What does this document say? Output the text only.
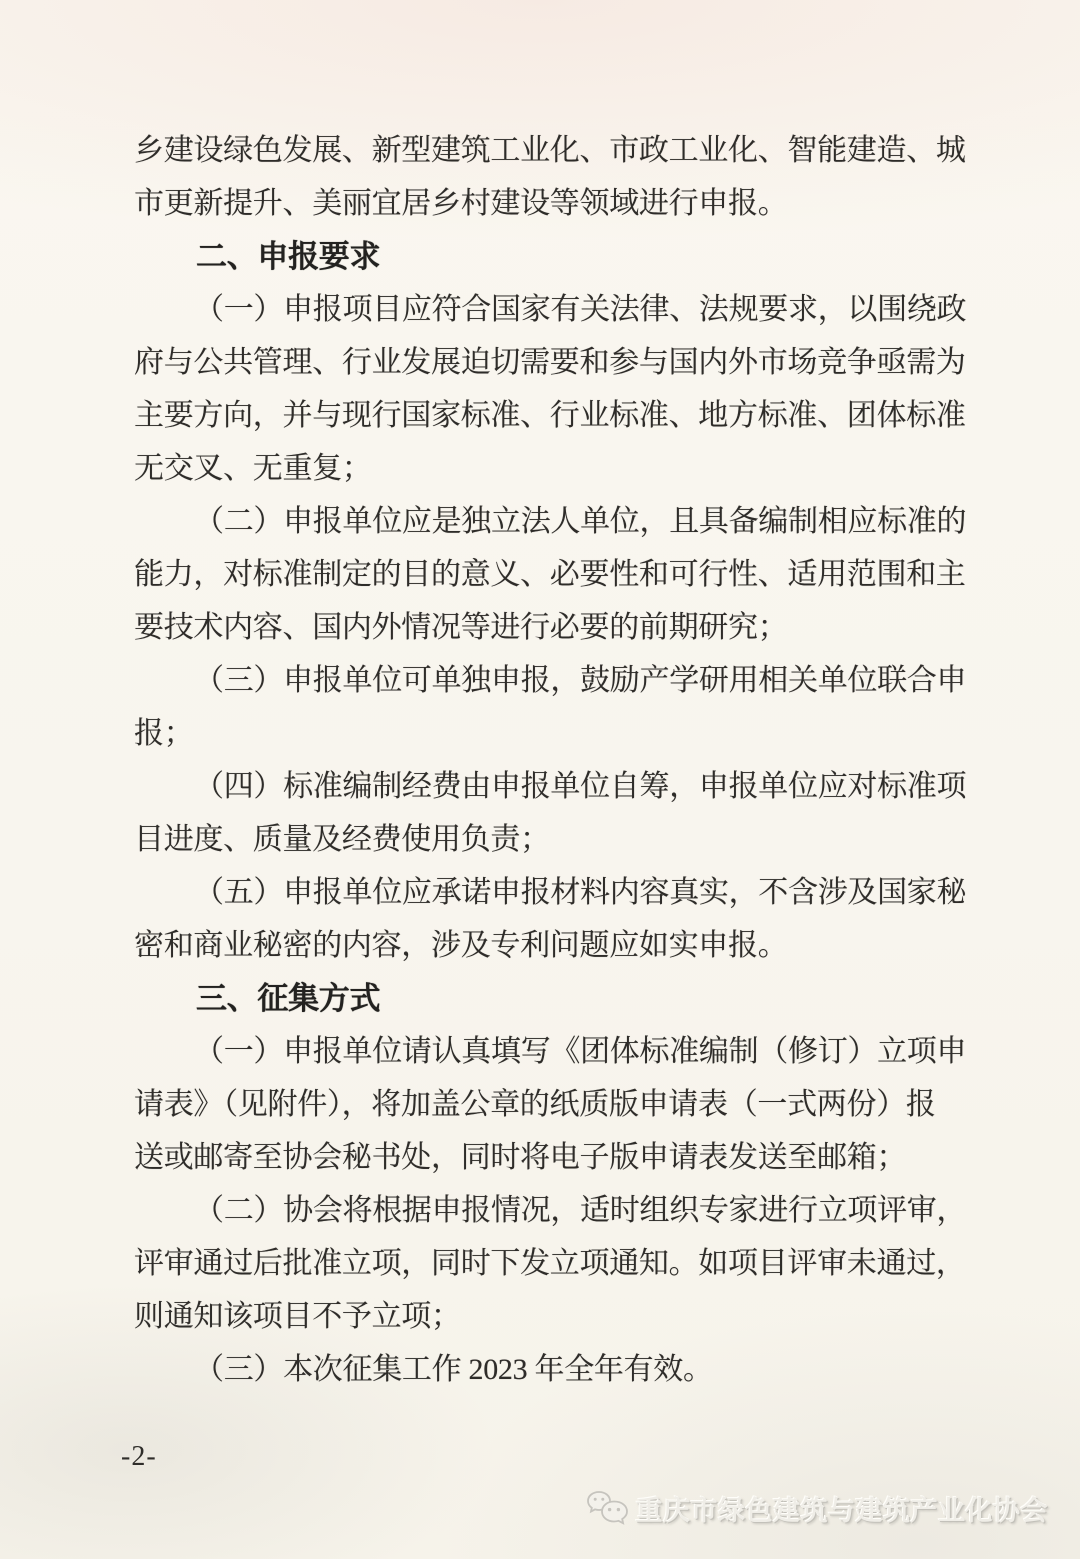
乡建设绿色发展、新型建筑工业化、市政工业化、智能建造、城
市更新提升、美丽宜居乡村建设等领域进行申报。
二、申报要求
（一）申报项目应符合国家有关法律、法规要求，以围绕政
府与公共管理、行业发展迫切需要和参与国内外市场竞争亟需为
主要方向，并与现行国家标准、行业标准、地方标准、团体标准
无交叉、无重复；
（二）申报单位应是独立法人单位，且具备编制相应标准的
能力，对标准制定的目的意义、必要性和可行性、适用范围和主
要技术内容、国内外情况等进行必要的前期研究；
（三）申报单位可单独申报，鼓励产学研用相关单位联合申
报；
（四）标准编制经费由申报单位自筹，申报单位应对标准项
目进度、质量及经费使用负责；
（五）申报单位应承诺申报材料内容真实，不含涉及国家秘
密和商业秘密的内容，涉及专利问题应如实申报。
三、征集方式
（一）申报单位请认真填写《团体标准编制（修订）立项申
请表》（见附件），将加盖公章的纸质版申请表（一式两份）报
送或邮寄至协会秘书处，同时将电子版申请表发送至邮箱；
（二）协会将根据申报情况，适时组织专家进行立项评审，
评审通过后批准立项，同时下发立项通知。如项目评审未通过，
则通知该项目不予立项；
（三）本次征集工作 2023 年全年有效。
-2-
重庆市绿色建筑与建筑产业化协会
